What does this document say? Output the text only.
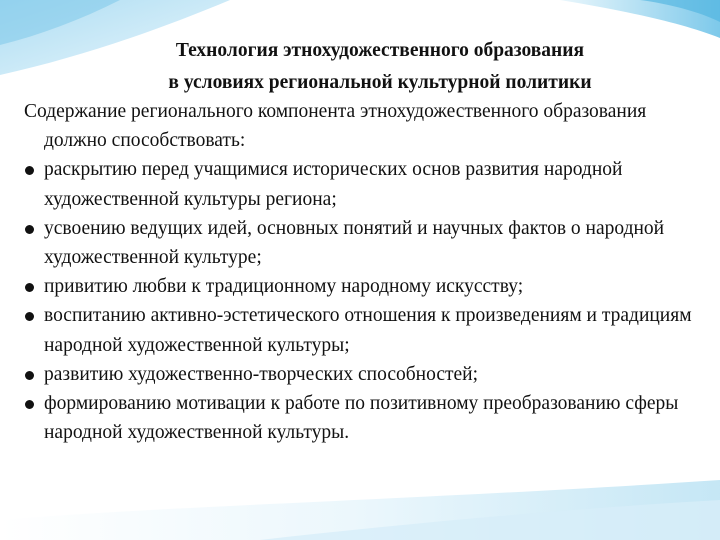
Технология этнохудожественного образования
в условиях региональной культурной политики

Содержание регионального компонента этнохудожественного образования должно способствовать:

раскрытию перед учащимися исторических основ развития народной художественной культуры региона;
усвоению ведущих идей, основных понятий и научных фактов о народной художественной культуре;
привитию любви к традиционному народному искусству;
воспитанию активно-эстетического отношения к произведениям и традициям народной художественной культуры;
развитию художественно-творческих способностей;
формированию мотивации к работе по позитивному преобразованию сферы народной художественной культуры.
